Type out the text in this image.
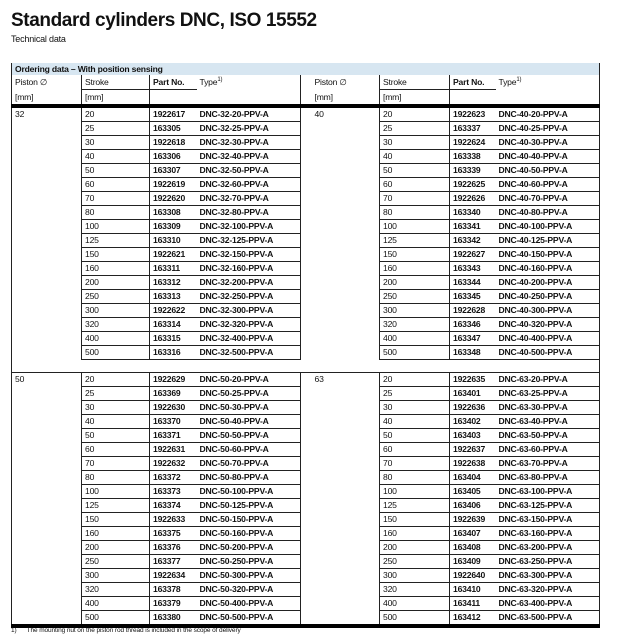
Standard cylinders DNC, ISO 15552
Technical data
Ordering data – With position sensing								
Piston ∅	Stroke	Part No.	Type$^{1)}$		Piston ∅	Stroke	Part No.	Type$^{1)}$
[mm]	[mm]				[mm]	[mm]		
32	20	1922617	DNC-32-20-PPV-A		40	20	1922623	DNC-40-20-PPV-A
	25	163305	DNC-32-25-PPV-A			25	163337	DNC-40-25-PPV-A
	30	1922618	DNC-32-30-PPV-A			30	1922624	DNC-40-30-PPV-A
	40	163306	DNC-32-40-PPV-A			40	163338	DNC-40-40-PPV-A
	50	163307	DNC-32-50-PPV-A			50	163339	DNC-40-50-PPV-A
	60	1922619	DNC-32-60-PPV-A			60	1922625	DNC-40-60-PPV-A
	70	1922620	DNC-32-70-PPV-A			70	1922626	DNC-40-70-PPV-A
	80	163308	DNC-32-80-PPV-A			80	163340	DNC-40-80-PPV-A
	100	163309	DNC-32-100-PPV-A			100	163341	DNC-40-100-PPV-A
	125	163310	DNC-32-125-PPV-A			125	163342	DNC-40-125-PPV-A
	150	1922621	DNC-32-150-PPV-A			150	1922627	DNC-40-150-PPV-A
	160	163311	DNC-32-160-PPV-A			160	163343	DNC-40-160-PPV-A
	200	163312	DNC-32-200-PPV-A			200	163344	DNC-40-200-PPV-A
	250	163313	DNC-32-250-PPV-A			250	163345	DNC-40-250-PPV-A
	300	1922622	DNC-32-300-PPV-A			300	1922628	DNC-40-300-PPV-A
	320	163314	DNC-32-320-PPV-A			320	163346	DNC-40-320-PPV-A
	400	163315	DNC-32-400-PPV-A			400	163347	DNC-40-400-PPV-A
	500	163316	DNC-32-500-PPV-A			500	163348	DNC-40-500-PPV-A

50	20	1922629	DNC-50-20-PPV-A		63	20	1922635	DNC-63-20-PPV-A
	25	163369	DNC-50-25-PPV-A			25	163401	DNC-63-25-PPV-A
	30	1922630	DNC-50-30-PPV-A			30	1922636	DNC-63-30-PPV-A
	40	163370	DNC-50-40-PPV-A			40	163402	DNC-63-40-PPV-A
	50	163371	DNC-50-50-PPV-A			50	163403	DNC-63-50-PPV-A
	60	1922631	DNC-50-60-PPV-A			60	1922637	DNC-63-60-PPV-A
	70	1922632	DNC-50-70-PPV-A			70	1922638	DNC-63-70-PPV-A
	80	163372	DNC-50-80-PPV-A			80	163404	DNC-63-80-PPV-A
	100	163373	DNC-50-100-PPV-A			100	163405	DNC-63-100-PPV-A
	125	163374	DNC-50-125-PPV-A			125	163406	DNC-63-125-PPV-A
	150	1922633	DNC-50-150-PPV-A			150	1922639	DNC-63-150-PPV-A
	160	163375	DNC-50-160-PPV-A			160	163407	DNC-63-160-PPV-A
	200	163376	DNC-50-200-PPV-A			200	163408	DNC-63-200-PPV-A
	250	163377	DNC-50-250-PPV-A			250	163409	DNC-63-250-PPV-A
	300	1922634	DNC-50-300-PPV-A			300	1922640	DNC-63-300-PPV-A
	320	163378	DNC-50-320-PPV-A			320	163410	DNC-63-320-PPV-A
	400	163379	DNC-50-400-PPV-A			400	163411	DNC-63-400-PPV-A
	500	163380	DNC-50-500-PPV-A			500	163412	DNC-63-500-PPV-A
1) The mounting nut on the piston rod thread is included in the scope of delivery
